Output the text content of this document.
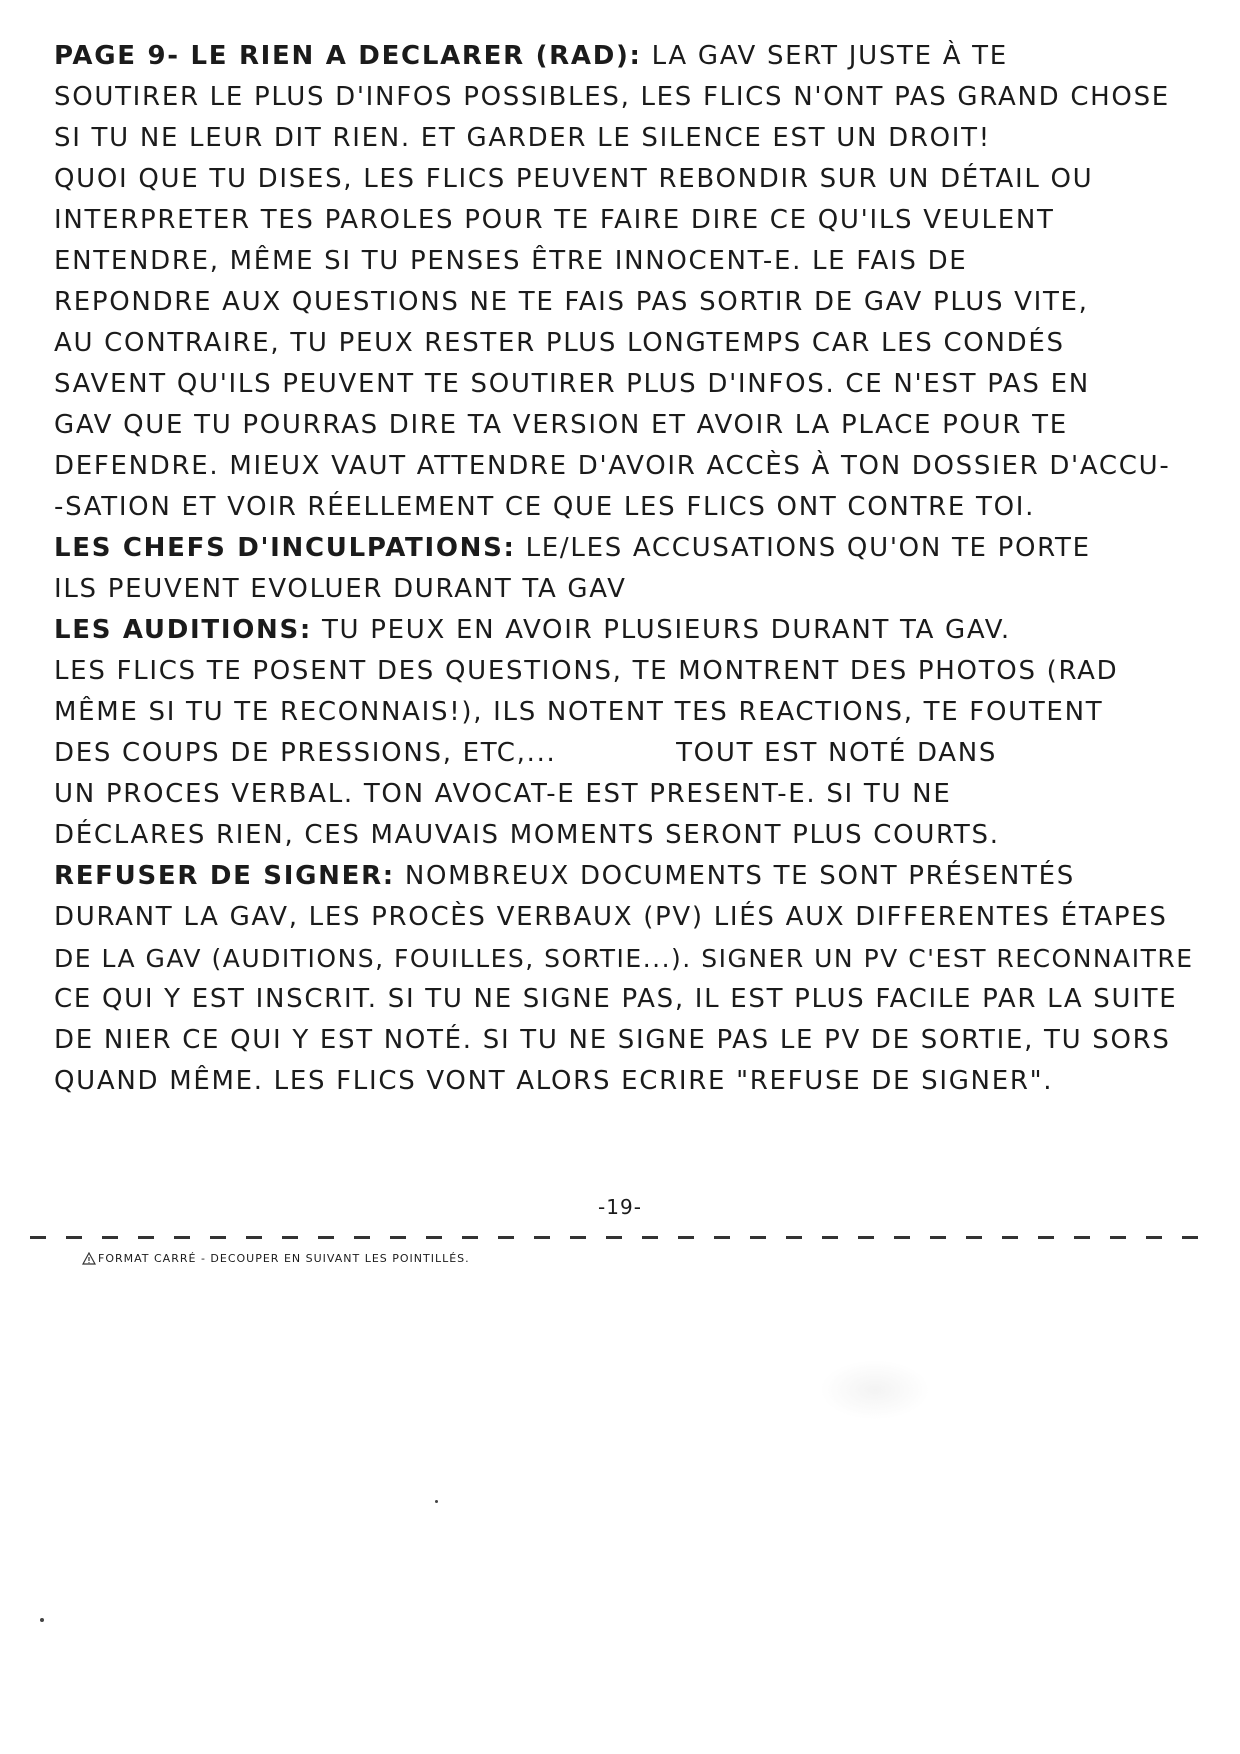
PAGE 9- LE RIEN A DECLARER (RAD): LA GAV SERT JUSTE À TE
SOUTIRER LE PLUS D'INFOS POSSIBLES, LES FLICS N'ONT PAS GRAND CHOSE
SI TU NE LEUR DIT RIEN. ET GARDER LE SILENCE EST UN DROIT!
QUOI QUE TU DISES, LES FLICS PEUVENT REBONDIR SUR UN DÉTAIL OU
INTERPRETER TES PAROLES POUR TE FAIRE DIRE CE QU'ILS VEULENT
ENTENDRE, MÊME SI TU PENSES ÊTRE INNOCENT-E. LE FAIS DE
REPONDRE AUX QUESTIONS NE TE FAIS PAS SORTIR DE GAV PLUS VITE,
AU CONTRAIRE, TU PEUX RESTER PLUS LONGTEMPS CAR LES CONDÉS
SAVENT QU'ILS PEUVENT TE SOUTIRER PLUS D'INFOS. CE N'EST PAS EN
GAV QUE TU POURRAS DIRE TA VERSION ET AVOIR LA PLACE POUR TE
DEFENDRE. MIEUX VAUT ATTENDRE D'AVOIR ACCÈS À TON DOSSIER D'ACCU-
-SATION ET VOIR RÉELLEMENT CE QUE LES FLICS ONT CONTRE TOI.
LES CHEFS D'INCULPATIONS: LE/LES ACCUSATIONS QU'ON TE PORTE
ILS PEUVENT EVOLUER DURANT TA GAV
LES AUDITIONS: TU PEUX EN AVOIR PLUSIEURS DURANT TA GAV.
LES FLICS TE POSENT DES QUESTIONS, TE MONTRENT DES PHOTOS (RAD
MÊME SI TU TE RECONNAIS!), ILS NOTENT TES REACTIONS, TE FOUTENT
DES COUPS DE PRESSIONS, ETC,...            TOUT EST NOTÉ DANS
UN PROCES VERBAL. TON AVOCAT-E EST PRESENT-E. SI TU NE
DÉCLARES RIEN, CES MAUVAIS MOMENTS SERONT PLUS COURTS.
REFUSER DE SIGNER: NOMBREUX DOCUMENTS TE SONT PRÉSENTÉS
DURANT LA GAV, LES PROCÈS VERBAUX (PV) LIÉS AUX DIFFERENTES ÉTAPES
DE LA GAV (AUDITIONS, FOUILLES, SORTIE...). SIGNER UN PV C'EST RECONNAITRE
CE QUI Y EST INSCRIT. SI TU NE SIGNE PAS, IL EST PLUS FACILE PAR LA SUITE
DE NIER CE QUI Y EST NOTÉ. SI TU NE SIGNE PAS LE PV DE SORTIE, TU SORS
QUAND MÊME. LES FLICS VONT ALORS ECRIRE "REFUSE DE SIGNER".
-19-
FORMAT CARRÉ - DECOUPER EN SUIVANT LES POINTILLÉS.
